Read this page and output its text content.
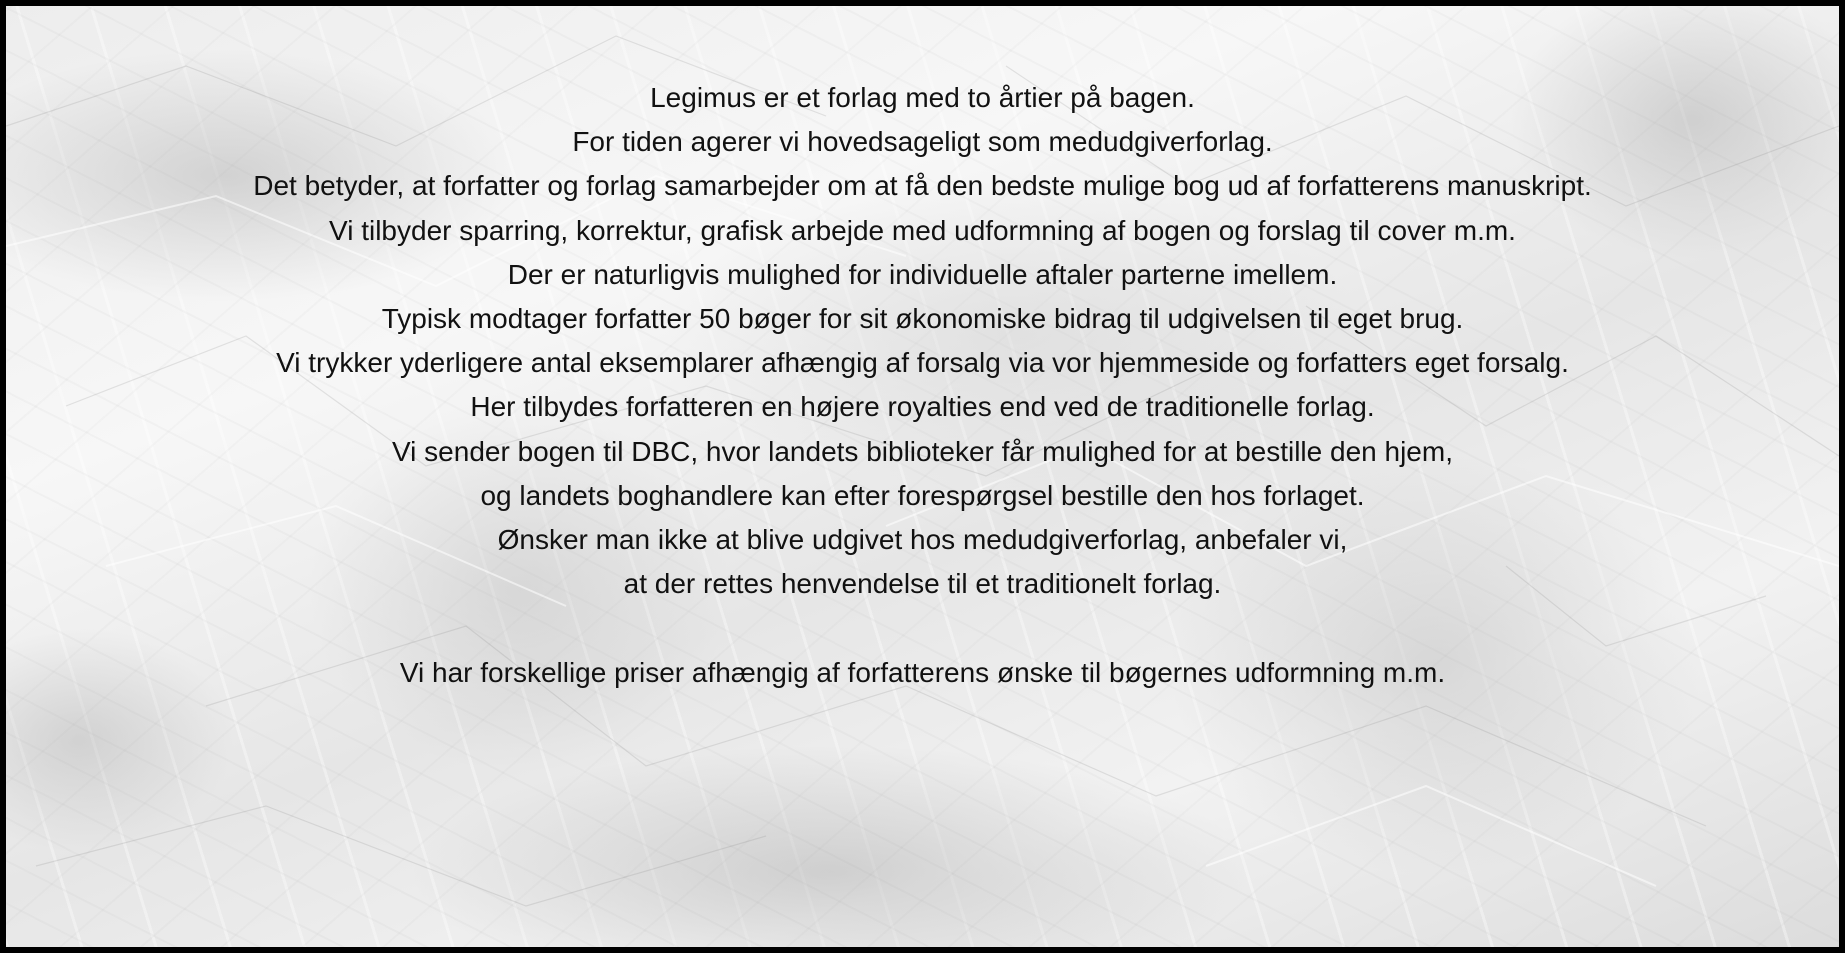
Legimus er et forlag med to årtier på bagen.
For tiden agerer vi hovedsageligt som medudgiverforlag.
Det betyder, at forfatter og forlag samarbejder om at få den bedste mulige bog ud af forfatterens manuskript.
Vi tilbyder sparring, korrektur, grafisk arbejde med udformning af bogen og forslag til cover m.m.
Der er naturligvis mulighed for individuelle aftaler parterne imellem.
Typisk modtager forfatter 50 bøger for sit økonomiske bidrag til udgivelsen til eget brug.
Vi trykker yderligere antal eksemplarer afhængig af forsalg via vor hjemmeside og forfatters eget forsalg.
Her tilbydes forfatteren en højere royalties end ved de traditionelle forlag.
Vi sender bogen til DBC, hvor landets biblioteker får mulighed for at bestille den hjem,
og landets boghandlere kan efter forespørgsel bestille den hos forlaget.
Ønsker man ikke at blive udgivet hos medudgiverforlag, anbefaler vi,
at der rettes henvendelse til et traditionelt forlag.
Vi har forskellige priser afhængig af forfatterens ønske til bøgernes udformning m.m.
